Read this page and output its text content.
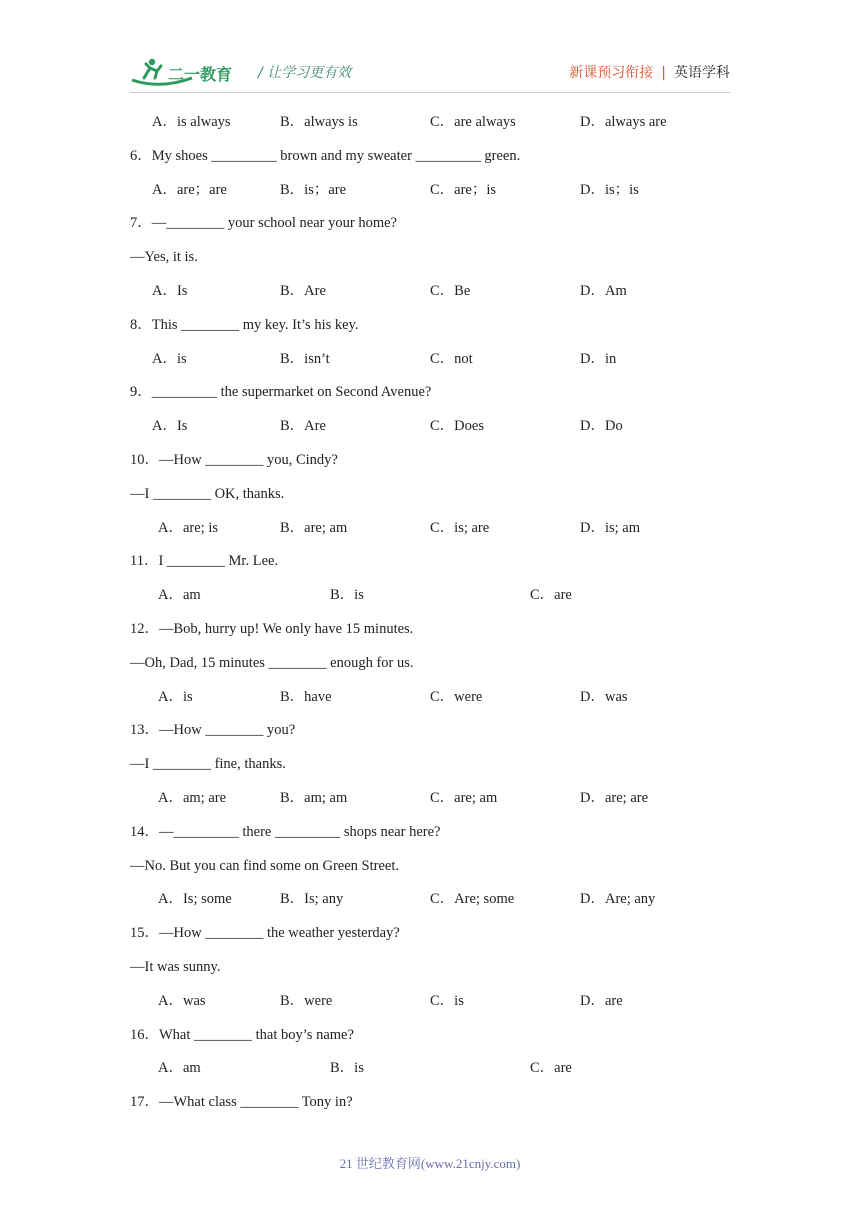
二一教育 / 让学习更有效	新课预习衔接 | 英语学科
A．is always	B．always is	C．are always	D．always are
6．My shoes _________ brown and my sweater _________ green.
A．are；are	B．is；are	C．are；is	D．is；is
7．—________ your school near your home?
—Yes, it is.
A．Is	B．Are	C．Be	D．Am
8．This ________ my key. It’s his key.
A．is	B．isn’t	C．not	D．in
9．_________ the supermarket on Second Avenue?
A．Is	B．Are	C．Does	D．Do
10．—How ________ you, Cindy?
—I ________ OK, thanks.
A．are; is	B．are; am	C．is; are	D．is; am
11．I ________ Mr. Lee.
A．am	B．is	C．are
12．—Bob, hurry up! We only have 15 minutes.
—Oh, Dad, 15 minutes ________ enough for us.
A．is	B．have	C．were	D．was
13．—How ________ you?
—I ________ fine, thanks.
A．am; are	B．am; am	C．are; am	D．are; are
14．—_________ there _________ shops near here?
—No. But you can find some on Green Street.
A．Is; some	B．Is; any	C．Are; some	D．Are; any
15．—How ________ the weather yesterday?
—It was sunny.
A．was	B．were	C．is	D．are
16．What ________ that boy’s name?
A．am	B．is	C．are
17．—What class ________ Tony in?
21 世纪教育网(www.21cnjy.com)
